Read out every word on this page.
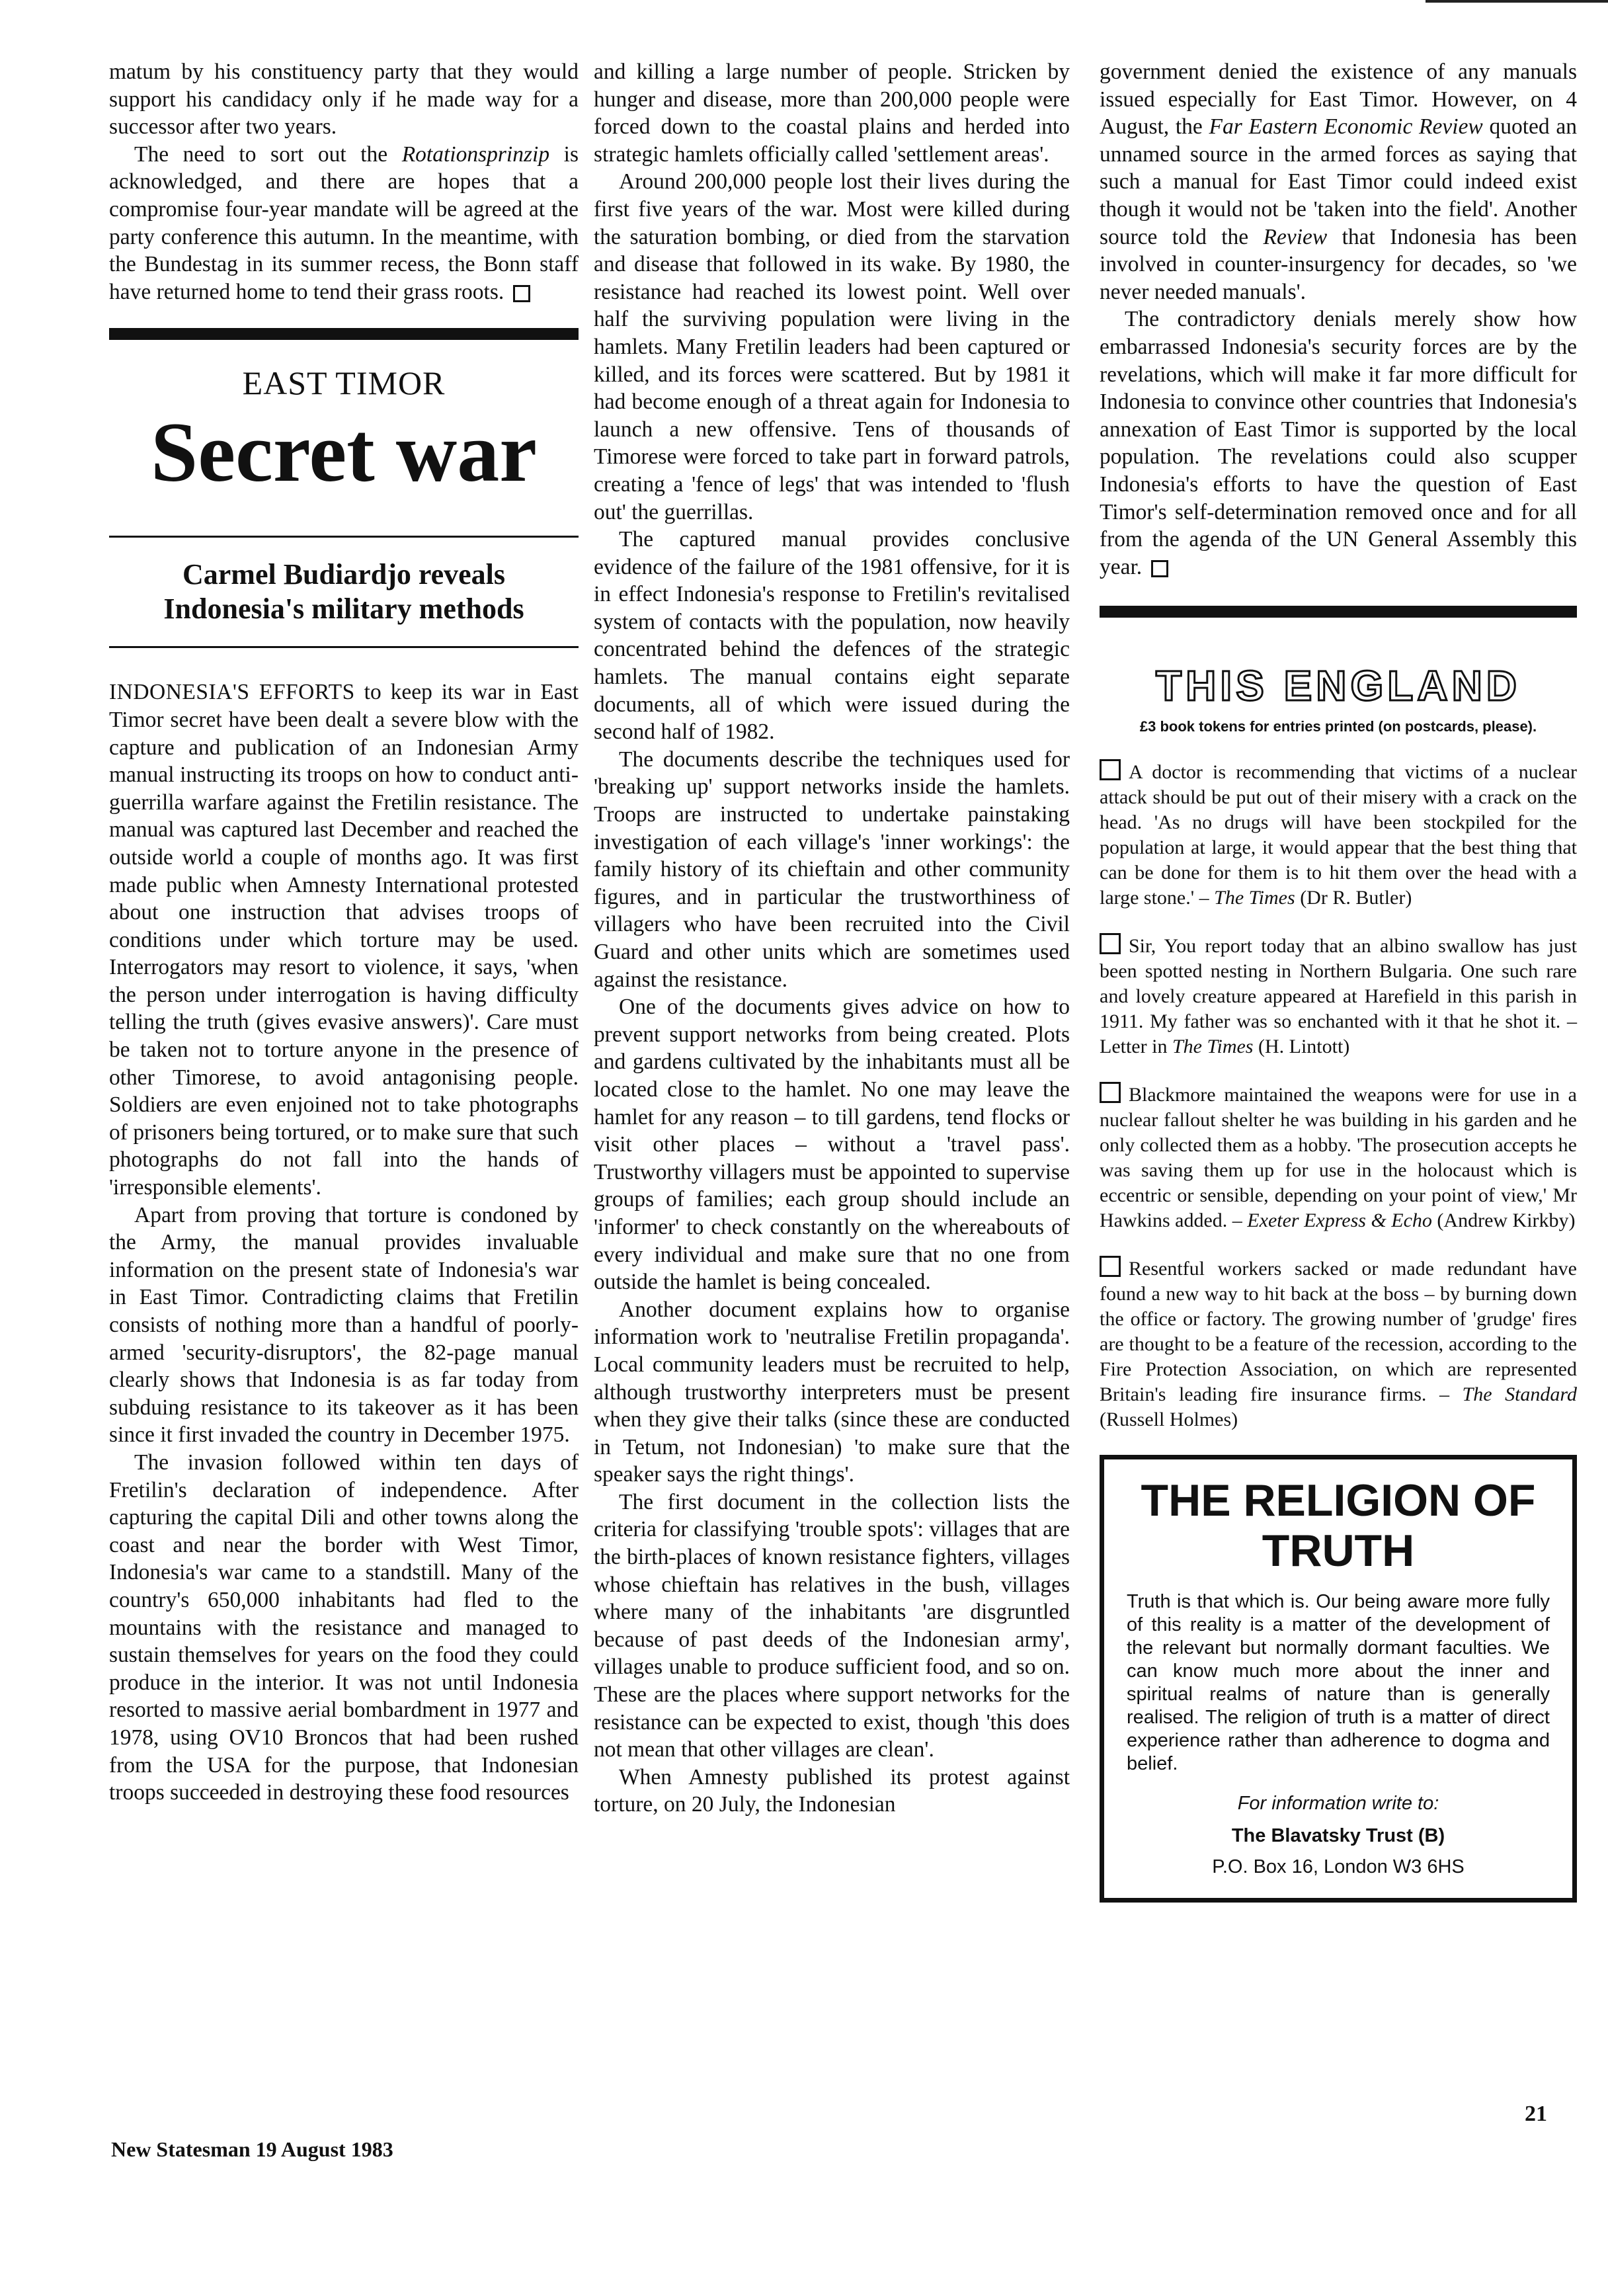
matum by his constituency party that they would support his candidacy only if he made way for a successor after two years.

The need to sort out the Rotationsprinzip is acknowledged, and there are hopes that a compromise four-year mandate will be agreed at the party conference this autumn. In the meantime, with the Bundestag in its summer recess, the Bonn staff have returned home to tend their grass roots.

EAST TIMOR
Secret war
Carmel Budiardjo reveals Indonesia's military methods

INDONESIA'S EFFORTS to keep its war in East Timor secret have been dealt a severe blow with the capture and publication of an Indonesian Army manual instructing its troops on how to conduct anti-guerrilla warfare against the Fretilin resistance. The manual was captured last December and reached the outside world a couple of months ago. It was first made public when Amnesty International protested about one instruction that advises troops of conditions under which torture may be used. Interrogators may resort to violence, it says, 'when the person under interrogation is having difficulty telling the truth (gives evasive answers)'. Care must be taken not to torture anyone in the presence of other Timorese, to avoid antagonising people. Soldiers are even enjoined not to take photographs of prisoners being tortured, or to make sure that such photographs do not fall into the hands of 'irresponsible elements'.

Apart from proving that torture is condoned by the Army, the manual provides invaluable information on the present state of Indonesia's war in East Timor. Contradicting claims that Fretilin consists of nothing more than a handful of poorly-armed 'security-disruptors', the 82-page manual clearly shows that Indonesia is as far today from subduing resistance to its takeover as it has been since it first invaded the country in December 1975.

The invasion followed within ten days of Fretilin's declaration of independence. After capturing the capital Dili and other towns along the coast and near the border with West Timor, Indonesia's war came to a standstill. Many of the country's 650,000 inhabitants had fled to the mountains with the resistance and managed to sustain themselves for years on the food they could produce in the interior. It was not until Indonesia resorted to massive aerial bombardment in 1977 and 1978, using OV10 Broncos that had been rushed from the USA for the purpose, that Indonesian troops succeeded in destroying these food resources

and killing a large number of people. Stricken by hunger and disease, more than 200,000 people were forced down to the coastal plains and herded into strategic hamlets officially called 'settlement areas'.

Around 200,000 people lost their lives during the first five years of the war. Most were killed during the saturation bombing, or died from the starvation and disease that followed in its wake. By 1980, the resistance had reached its lowest point. Well over half the surviving population were living in the hamlets. Many Fretilin leaders had been captured or killed, and its forces were scattered. But by 1981 it had become enough of a threat again for Indonesia to launch a new offensive. Tens of thousands of Timorese were forced to take part in forward patrols, creating a 'fence of legs' that was intended to 'flush out' the guerrillas.

The captured manual provides conclusive evidence of the failure of the 1981 offensive, for it is in effect Indonesia's response to Fretilin's revitalised system of contacts with the population, now heavily concentrated behind the defences of the strategic hamlets. The manual contains eight separate documents, all of which were issued during the second half of 1982.

The documents describe the techniques used for 'breaking up' support networks inside the hamlets. Troops are instructed to undertake painstaking investigation of each village's 'inner workings': the family history of its chieftain and other community figures, and in particular the trustworthiness of villagers who have been recruited into the Civil Guard and other units which are sometimes used against the resistance.

One of the documents gives advice on how to prevent support networks from being created. Plots and gardens cultivated by the inhabitants must all be located close to the hamlet. No one may leave the hamlet for any reason – to till gardens, tend flocks or visit other places – without a 'travel pass'. Trustworthy villagers must be appointed to supervise groups of families; each group should include an 'informer' to check constantly on the whereabouts of every individual and make sure that no one from outside the hamlet is being concealed.

Another document explains how to organise information work to 'neutralise Fretilin propaganda'. Local community leaders must be recruited to help, although trustworthy interpreters must be present when they give their talks (since these are conducted in Tetum, not Indonesian) 'to make sure that the speaker says the right things'.

The first document in the collection lists the criteria for classifying 'trouble spots': villages that are the birth-places of known resistance fighters, villages whose chieftain has relatives in the bush, villages where many of the inhabitants 'are disgruntled because of past deeds of the Indonesian army', villages unable to produce sufficient food, and so on. These are the places where support networks for the resistance can be expected to exist, though 'this does not mean that other villages are clean'.

When Amnesty published its protest against torture, on 20 July, the Indonesian

government denied the existence of any manuals issued especially for East Timor. However, on 4 August, the Far Eastern Economic Review quoted an unnamed source in the armed forces as saying that such a manual for East Timor could indeed exist though it would not be 'taken into the field'. Another source told the Review that Indonesia has been involved in counter-insurgency for decades, so 'we never needed manuals'.

The contradictory denials merely show how embarrassed Indonesia's security forces are by the revelations, which will make it far more difficult for Indonesia to convince other countries that Indonesia's annexation of East Timor is supported by the local population. The revelations could also scupper Indonesia's efforts to have the question of East Timor's self-determination removed once and for all from the agenda of the UN General Assembly this year.

THIS ENGLAND
£3 book tokens for entries printed (on postcards, please).

A doctor is recommending that victims of a nuclear attack should be put out of their misery with a crack on the head. 'As no drugs will have been stockpiled for the population at large, it would appear that the best thing that can be done for them is to hit them over the head with a large stone.' – The Times (Dr R. Butler)

Sir, You report today that an albino swallow has just been spotted nesting in Northern Bulgaria. One such rare and lovely creature appeared at Harefield in this parish in 1911. My father was so enchanted with it that he shot it. – Letter in The Times (H. Lintott)

Blackmore maintained the weapons were for use in a nuclear fallout shelter he was building in his garden and he only collected them as a hobby. 'The prosecution accepts he was saving them up for use in the holocaust which is eccentric or sensible, depending on your point of view,' Mr Hawkins added. – Exeter Express & Echo (Andrew Kirkby)

Resentful workers sacked or made redundant have found a new way to hit back at the boss – by burning down the office or factory. The growing number of 'grudge' fires are thought to be a feature of the recession, according to the Fire Protection Association, on which are represented Britain's leading fire insurance firms. – The Standard (Russell Holmes)

THE RELIGION OF TRUTH

Truth is that which is. Our being aware more fully of this reality is a matter of the development of the relevant but normally dormant faculties. We can know much more about the inner and spiritual realms of nature than is generally realised. The religion of truth is a matter of direct experience rather than adherence to dogma and belief.

For information write to:
The Blavatsky Trust (B)
P.O. Box 16, London W3 6HS
New Statesman 19 August 1983
21
